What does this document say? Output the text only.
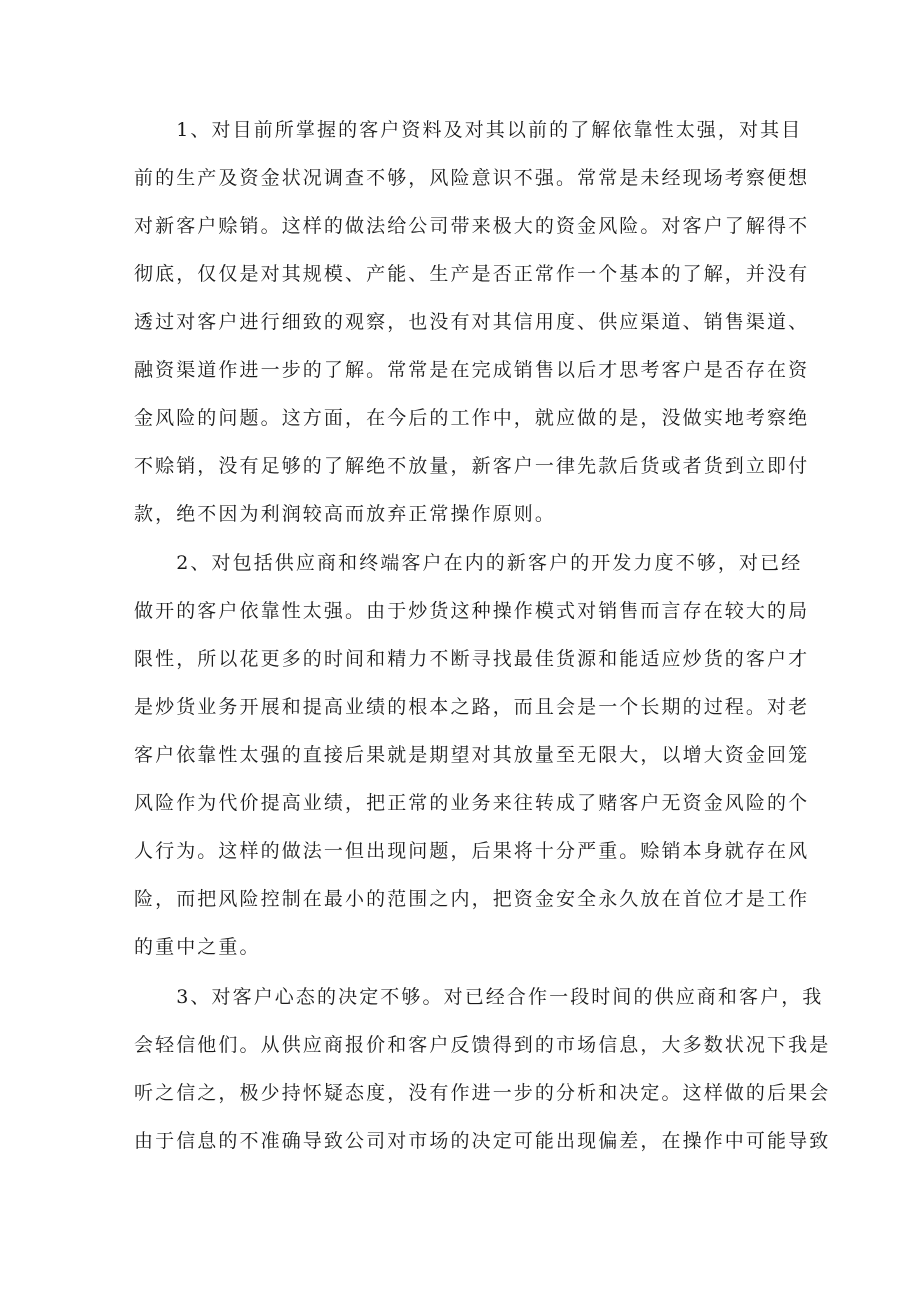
　　1、对目前所掌握的客户资料及对其以前的了解依靠性太强，对其目
前的生产及资金状况调查不够，风险意识不强。常常是未经现场考察便想
对新客户赊销。这样的做法给公司带来极大的资金风险。对客户了解得不
彻底，仅仅是对其规模、产能、生产是否正常作一个基本的了解，并没有
透过对客户进行细致的观察，也没有对其信用度、供应渠道、销售渠道、
融资渠道作进一步的了解。常常是在完成销售以后才思考客户是否存在资
金风险的问题。这方面，在今后的工作中，就应做的是，没做实地考察绝
不赊销，没有足够的了解绝不放量，新客户一律先款后货或者货到立即付
款，绝不因为利润较高而放弃正常操作原则。
　　2、对包括供应商和终端客户在内的新客户的开发力度不够，对已经
做开的客户依靠性太强。由于炒货这种操作模式对销售而言存在较大的局
限性，所以花更多的时间和精力不断寻找最佳货源和能适应炒货的客户才
是炒货业务开展和提高业绩的根本之路，而且会是一个长期的过程。对老
客户依靠性太强的直接后果就是期望对其放量至无限大，以增大资金回笼
风险作为代价提高业绩，把正常的业务来往转成了赌客户无资金风险的个
人行为。这样的做法一但出现问题，后果将十分严重。赊销本身就存在风
险，而把风险控制在最小的范围之内，把资金安全永久放在首位才是工作
的重中之重。
　　3、对客户心态的决定不够。对已经合作一段时间的供应商和客户，我
会轻信他们。从供应商报价和客户反馈得到的市场信息，大多数状况下我是
听之信之，极少持怀疑态度，没有作进一步的分析和决定。这样做的后果会
由于信息的不准确导致公司对市场的决定可能出现偏差，在操作中可能导致
